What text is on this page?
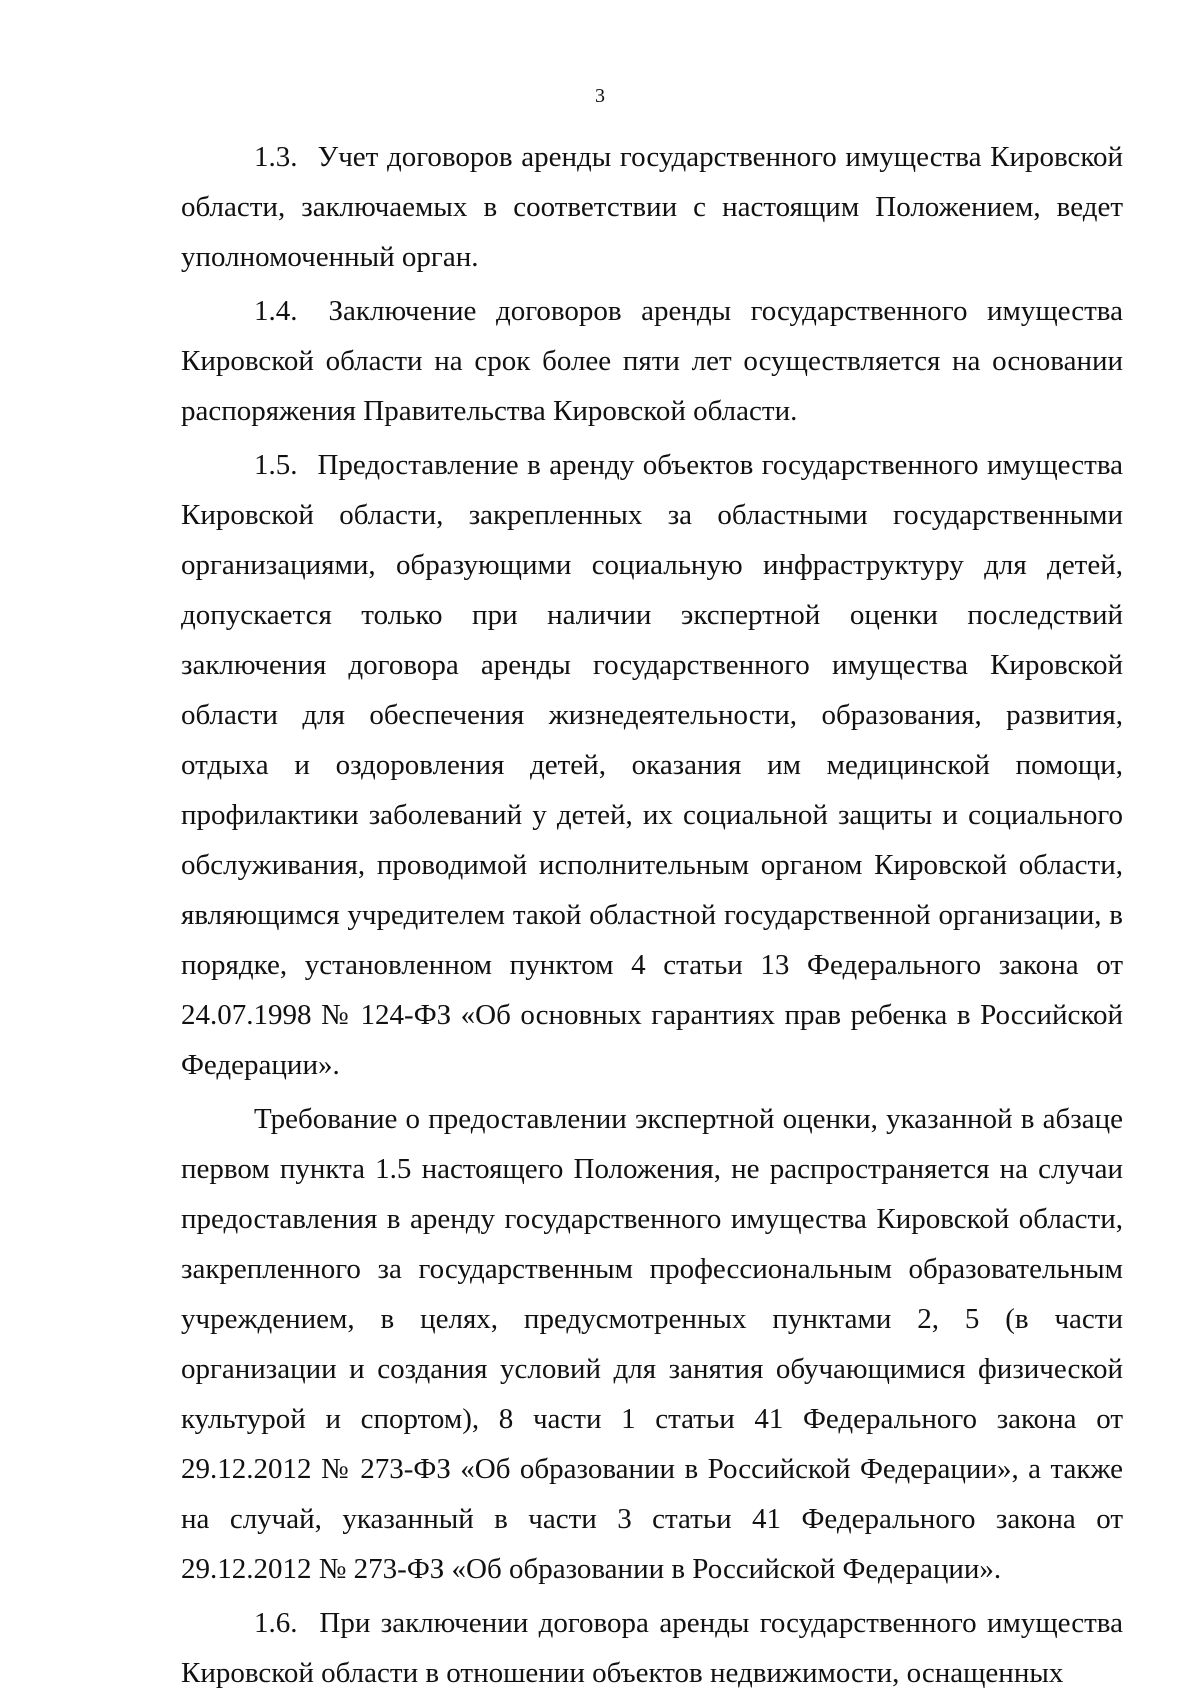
3

1.3. Учет договоров аренды государственного имущества Кировской области, заключаемых в соответствии с настоящим Положением, ведет уполномоченный орган.

1.4. Заключение договоров аренды государственного имущества Кировской области на срок более пяти лет осуществляется на основании распоряжения Правительства Кировской области.

1.5. Предоставление в аренду объектов государственного имущества Кировской области, закрепленных за областными государственными организациями, образующими социальную инфраструктуру для детей, допускается только при наличии экспертной оценки последствий заключения договора аренды государственного имущества Кировской области для обеспечения жизнедеятельности, образования, развития, отдыха и оздоровления детей, оказания им медицинской помощи, профилактики заболеваний у детей, их социальной защиты и социального обслуживания, проводимой исполнительным органом Кировской области, являющимся учредителем такой областной государственной организации, в порядке, установленном пунктом 4 статьи 13 Федерального закона от 24.07.1998 № 124-ФЗ «Об основных гарантиях прав ребенка в Российской Федерации».

Требование о предоставлении экспертной оценки, указанной в абзаце первом пункта 1.5 настоящего Положения, не распространяется на случаи предоставления в аренду государственного имущества Кировской области, закрепленного за государственным профессиональным образовательным учреждением, в целях, предусмотренных пунктами 2, 5 (в части организации и создания условий для занятия обучающимися физической культурой и спортом), 8 части 1 статьи 41 Федерального закона от 29.12.2012 № 273-ФЗ «Об образовании в Российской Федерации», а также на случай, указанный в части 3 статьи 41 Федерального закона от 29.12.2012 № 273-ФЗ «Об образовании в Российской Федерации».

1.6. При заключении договора аренды государственного имущества Кировской области в отношении объектов недвижимости, оснащенных
